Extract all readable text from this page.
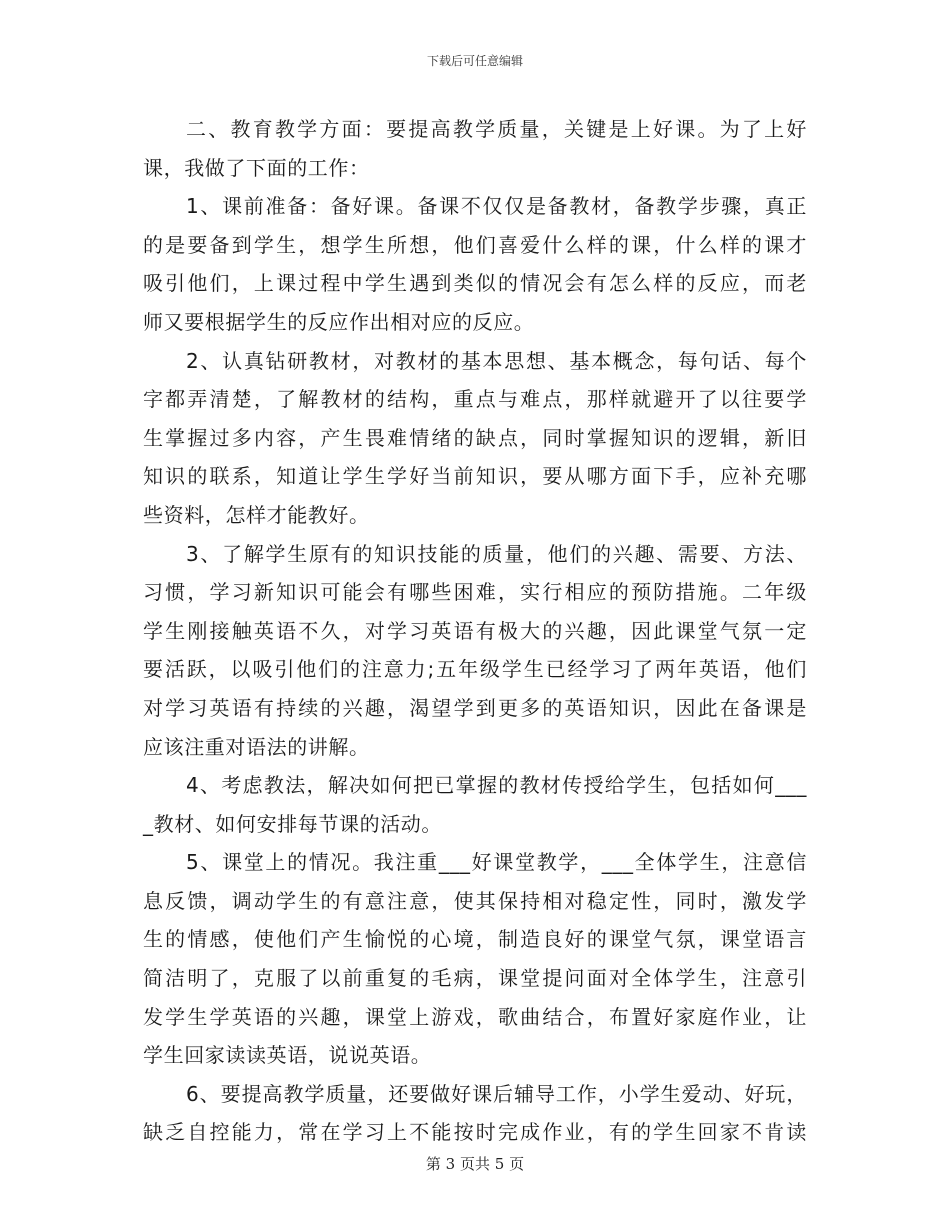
下载后可任意编辑
二、教育教学方面：要提高教学质量，关键是上好课。为了上好
课，我做了下面的工作：
1、课前准备：备好课。备课不仅仅是备教材，备教学步骤，真正
的是要备到学生，想学生所想，他们喜爱什么样的课，什么样的课才
吸引他们，上课过程中学生遇到类似的情况会有怎么样的反应，而老
师又要根据学生的反应作出相对应的反应。
2、认真钻研教材，对教材的基本思想、基本概念，每句话、每个
字都弄清楚，了解教材的结构，重点与难点，那样就避开了以往要学
生掌握过多内容，产生畏难情绪的缺点，同时掌握知识的逻辑，新旧
知识的联系，知道让学生学好当前知识，要从哪方面下手，应补充哪
些资料，怎样才能教好。
3、了解学生原有的知识技能的质量，他们的兴趣、需要、方法、
习惯，学习新知识可能会有哪些困难，实行相应的预防措施。二年级
学生刚接触英语不久，对学习英语有极大的兴趣，因此课堂气氛一定
要活跃，以吸引他们的注意力;五年级学生已经学习了两年英语，他们
对学习英语有持续的兴趣，渴望学到更多的英语知识，因此在备课是
应该注重对语法的讲解。
4、考虑教法，解决如何把已掌握的教材传授给学生，包括如何___
_教材、如何安排每节课的活动。
5、课堂上的情况。我注重___好课堂教学，___全体学生，注意信
息反馈，调动学生的有意注意，使其保持相对稳定性，同时，激发学
生的情感，使他们产生愉悦的心境，制造良好的课堂气氛，课堂语言
简洁明了，克服了以前重复的毛病，课堂提问面对全体学生，注意引
发学生学英语的兴趣，课堂上游戏，歌曲结合，布置好家庭作业，让
学生回家读读英语，说说英语。
6、要提高教学质量，还要做好课后辅导工作，小学生爱动、好玩，
缺乏自控能力，常在学习上不能按时完成作业，有的学生回家不肯读
第 3 页共 5 页
